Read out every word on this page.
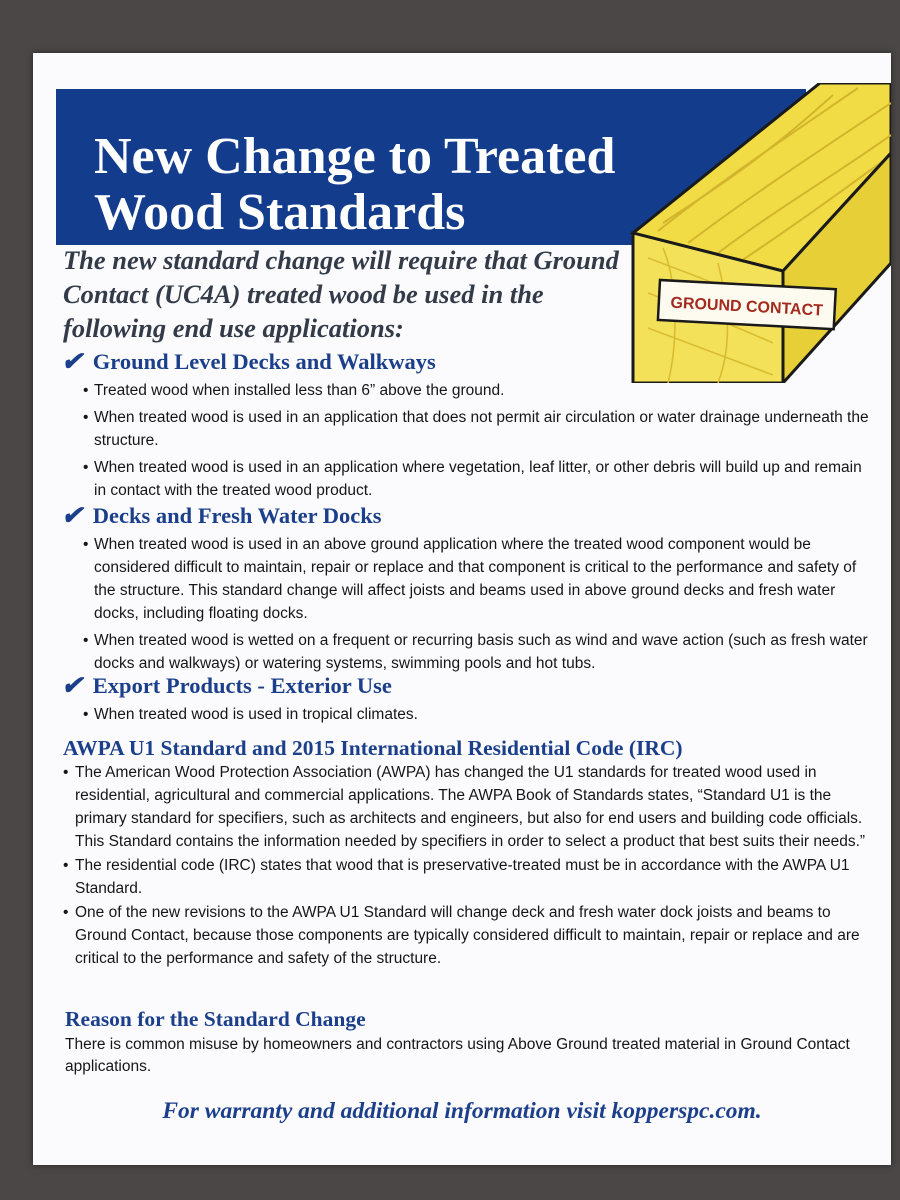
New Change to Treated
Wood Standards
GROUND CONTACT

The new standard change will require that Ground Contact (UC4A) treated wood be used in the following end use applications:

✔ Ground Level Decks and Walkways
• Treated wood when installed less than 6” above the ground.
• When treated wood is used in an application that does not permit air circulation or water drainage underneath the structure.
• When treated wood is used in an application where vegetation, leaf litter, or other debris will build up and remain in contact with the treated wood product.
✔ Decks and Fresh Water Docks
• When treated wood is used in an above ground application where the treated wood component would be considered difficult to maintain, repair or replace and that component is critical to the performance and safety of the structure. This standard change will affect joists and beams used in above ground decks and fresh water docks, including floating docks.
• When treated wood is wetted on a frequent or recurring basis such as wind and wave action (such as fresh water docks and walkways) or watering systems, swimming pools and hot tubs.
✔ Export Products - Exterior Use
• When treated wood is used in tropical climates.
AWPA U1 Standard and 2015 International Residential Code (IRC)
• The American Wood Protection Association (AWPA) has changed the U1 standards for treated wood used in residential, agricultural and commercial applications. The AWPA Book of Standards states, “Standard U1 is the primary standard for specifiers, such as architects and engineers, but also for end users and building code officials. This Standard contains the information needed by specifiers in order to select a product that best suits their needs.”
• The residential code (IRC) states that wood that is preservative-treated must be in accordance with the AWPA U1 Standard.
• One of the new revisions to the AWPA U1 Standard will change deck and fresh water dock joists and beams to Ground Contact, because those components are typically considered difficult to maintain, repair or replace and are critical to the performance and safety of the structure.
Reason for the Standard Change

There is common misuse by homeowners and contractors using Above Ground treated material in Ground Contact applications.

For warranty and additional information visit kopperspc.com.
